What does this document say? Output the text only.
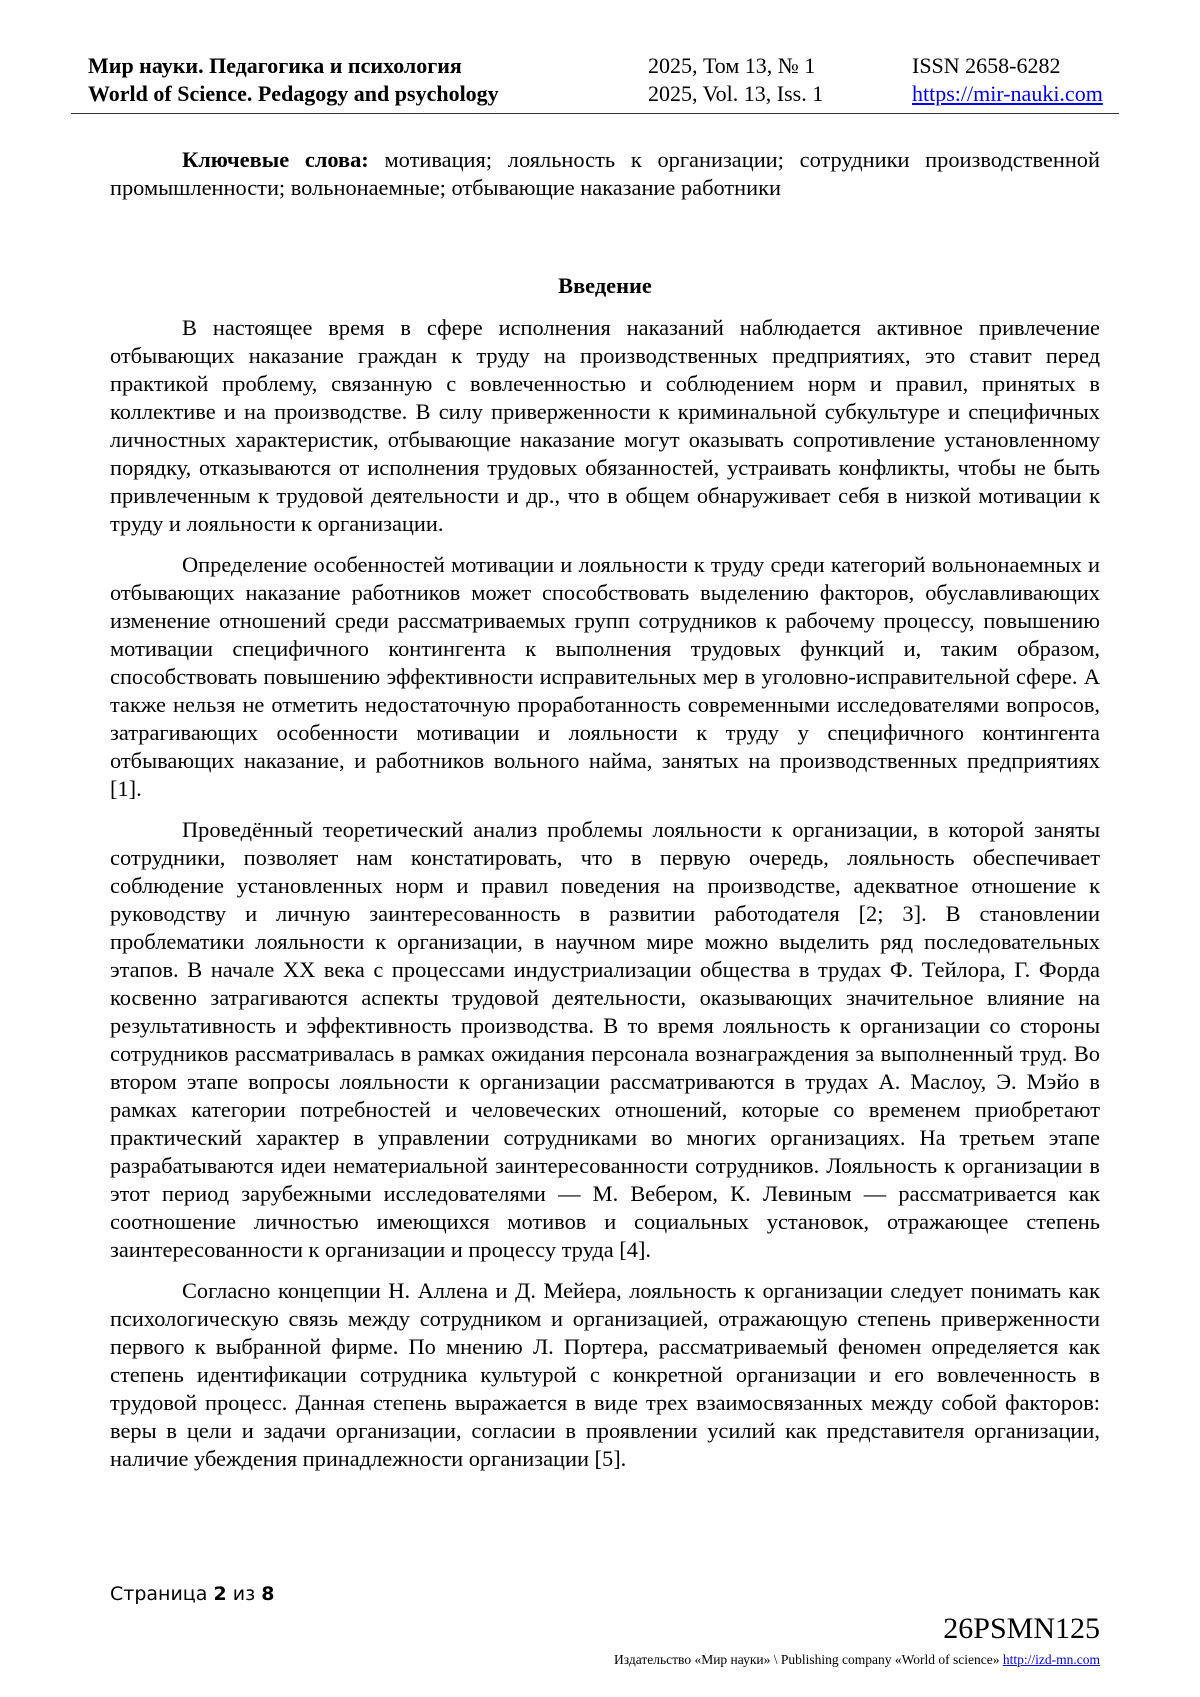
Мир науки. Педагогика и психология
World of Science. Pedagogy and psychology
2025, Том 13, № 1
2025, Vol. 13, Iss. 1
ISSN 2658-6282
https://mir-nauki.com

Ключевые слова: мотивация; лояльность к организации; сотрудники производственной промышленности; вольнонаемные; отбывающие наказание работники

Введение

В настоящее время в сфере исполнения наказаний наблюдается активное привлечение отбывающих наказание граждан к труду на производственных предприятиях, это ставит перед практикой проблему, связанную с вовлеченностью и соблюдением норм и правил, принятых в коллективе и на производстве. В силу приверженности к криминальной субкультуре и специфичных личностных характеристик, отбывающие наказание могут оказывать сопротивление установленному порядку, отказываются от исполнения трудовых обязанностей, устраивать конфликты, чтобы не быть привлеченным к трудовой деятельности и др., что в общем обнаруживает себя в низкой мотивации к труду и лояльности к организации.

Определение особенностей мотивации и лояльности к труду среди категорий вольнонаемных и отбывающих наказание работников может способствовать выделению факторов, обуславливающих изменение отношений среди рассматриваемых групп сотрудников к рабочему процессу, повышению мотивации специфичного контингента к выполнения трудовых функций и, таким образом, способствовать повышению эффективности исправительных мер в уголовно-исправительной сфере. А также нельзя не отметить недостаточную проработанность современными исследователями вопросов, затрагивающих особенности мотивации и лояльности к труду у специфичного контингента отбывающих наказание, и работников вольного найма, занятых на производственных предприятиях [1].

Проведённый теоретический анализ проблемы лояльности к организации, в которой заняты сотрудники, позволяет нам констатировать, что в первую очередь, лояльность обеспечивает соблюдение установленных норм и правил поведения на производстве, адекватное отношение к руководству и личную заинтересованность в развитии работодателя [2; 3]. В становлении проблематики лояльности к организации, в научном мире можно выделить ряд последовательных этапов. В начале XX века с процессами индустриализации общества в трудах Ф. Тейлора, Г. Форда косвенно затрагиваются аспекты трудовой деятельности, оказывающих значительное влияние на результативность и эффективность производства. В то время лояльность к организации со стороны сотрудников рассматривалась в рамках ожидания персонала вознаграждения за выполненный труд. Во втором этапе вопросы лояльности к организации рассматриваются в трудах А. Маслоу, Э. Мэйо в рамках категории потребностей и человеческих отношений, которые со временем приобретают практический характер в управлении сотрудниками во многих организациях. На третьем этапе разрабатываются идеи нематериальной заинтересованности сотрудников. Лояльность к организации в этот период зарубежными исследователями — М. Вебером, К. Левиным — рассматривается как соотношение личностью имеющихся мотивов и социальных установок, отражающее степень заинтересованности к организации и процессу труда [4].

Согласно концепции Н. Аллена и Д. Мейера, лояльность к организации следует понимать как психологическую связь между сотрудником и организацией, отражающую степень приверженности первого к выбранной фирме. По мнению Л. Портера, рассматриваемый феномен определяется как степень идентификации сотрудника культурой с конкретной организации и его вовлеченность в трудовой процесс. Данная степень выражается в виде трех взаимосвязанных между собой факторов: веры в цели и задачи организации, согласии в проявлении усилий как представителя организации, наличие убеждения принадлежности организации [5].

Страница 2 из 8
26PSMN125
Издательство «Мир науки» \ Publishing company «World of science» http://izd-mn.com
